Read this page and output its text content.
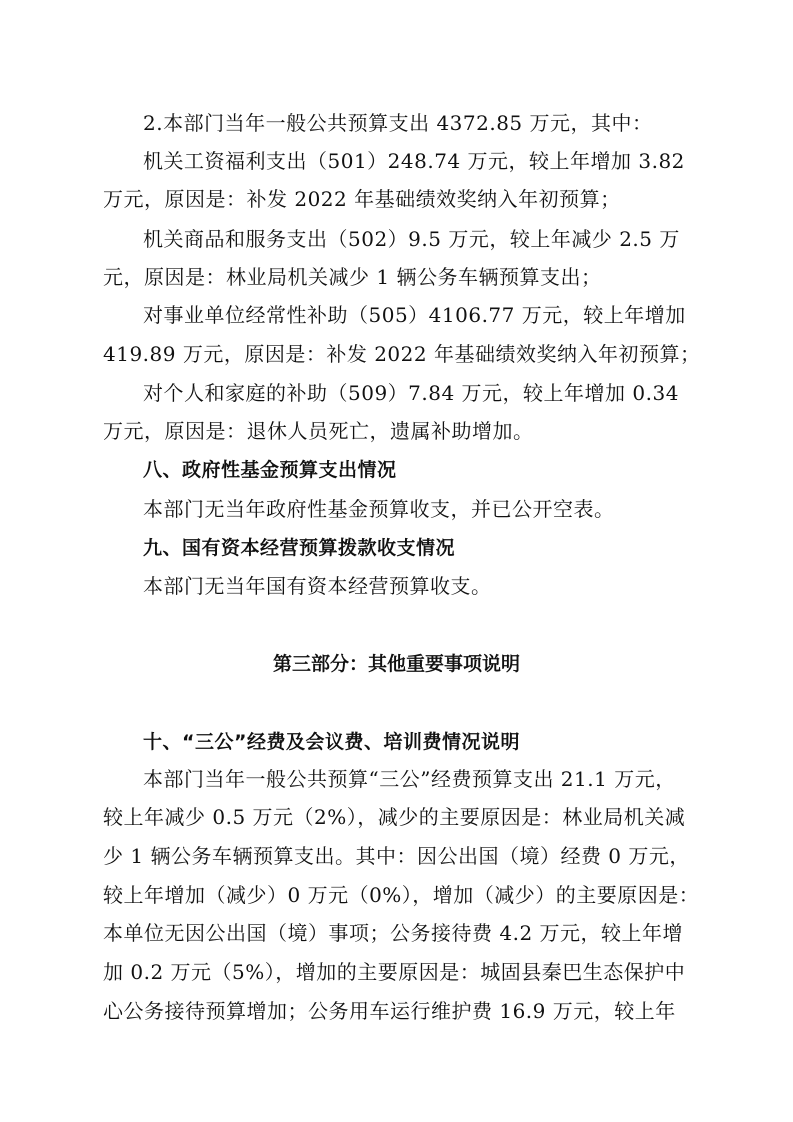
2.本部门当年一般公共预算支出 4372.85 万元，其中：
机关工资福利支出（501）248.74 万元，较上年增加 3.82
万元，原因是：补发 2022 年基础绩效奖纳入年初预算；
机关商品和服务支出（502）9.5 万元，较上年减少 2.5 万
元，原因是：林业局机关减少 1 辆公务车辆预算支出；
对事业单位经常性补助（505）4106.77 万元，较上年增加
419.89 万元，原因是：补发 2022 年基础绩效奖纳入年初预算；
对个人和家庭的补助（509）7.84 万元，较上年增加 0.34
万元，原因是：退休人员死亡，遗属补助增加。
八、政府性基金预算支出情况
本部门无当年政府性基金预算收支，并已公开空表。
九、国有资本经营预算拨款收支情况
本部门无当年国有资本经营预算收支。
第三部分：其他重要事项说明
十、“三公”经费及会议费、培训费情况说明
本部门当年一般公共预算“三公”经费预算支出 21.1 万元，
较上年减少 0.5 万元（2%），减少的主要原因是：林业局机关减
少 1 辆公务车辆预算支出。其中：因公出国（境）经费 0 万元，
较上年增加（减少）0 万元（0%），增加（减少）的主要原因是：
本单位无因公出国（境）事项；公务接待费 4.2 万元，较上年增
加 0.2 万元（5%），增加的主要原因是：城固县秦巴生态保护中
心公务接待预算增加；公务用车运行维护费 16.9 万元，较上年
